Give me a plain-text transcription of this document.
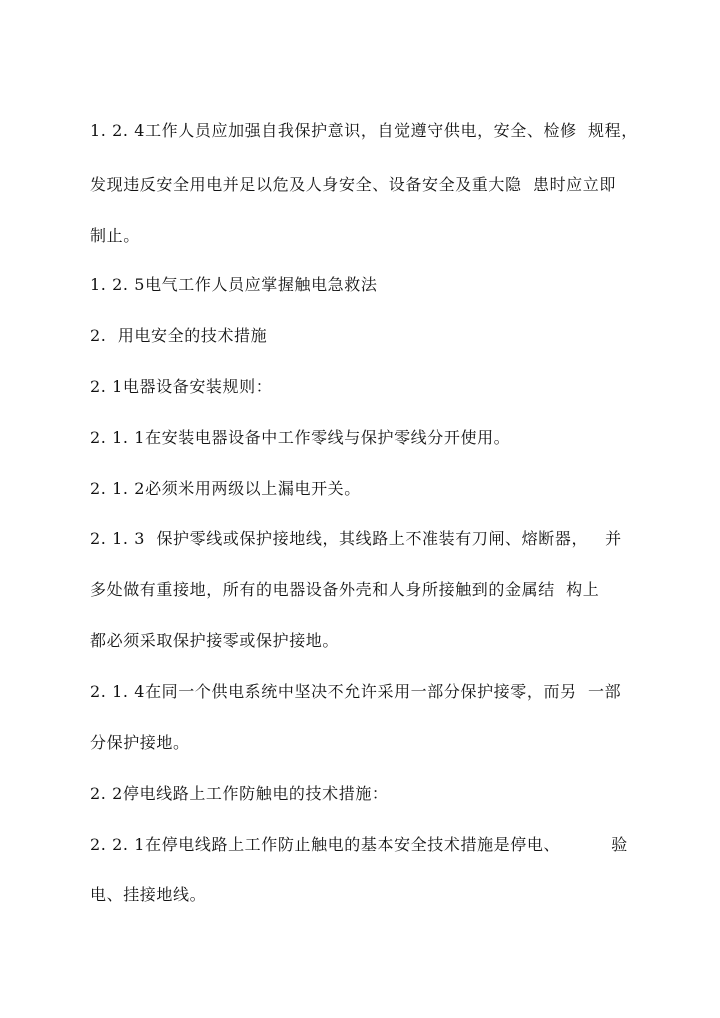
1. 2. 4工作人员应加强自我保护意识，自觉遵守供电，安全、检修  规程，
发现违反安全用电并足以危及人身安全、设备安全及重大隐  患时应立即
制止。
1. 2. 5电气工作人员应掌握触电急救法
2.  用电安全的技术措施
2. 1电器设备安装规则：
2. 1. 1在安装电器设备中工作零线与保护零线分开使用。
2. 1. 2必须米用两级以上漏电开关。
2. 1. 3  保护零线或保护接地线，其线路上不准装有刀闸、熔断器，   并
多处做有重接地，所有的电器设备外壳和人身所接触到的金属结  构上
都必须采取保护接零或保护接地。
2. 1. 4在同一个供电系统中坚决不允许采用一部分保护接零，而另  一部
分保护接地。
2. 2停电线路上工作防触电的技术措施：
2. 2. 1在停电线路上工作防止触电的基本安全技术措施是停电、         验
电、挂接地线。
